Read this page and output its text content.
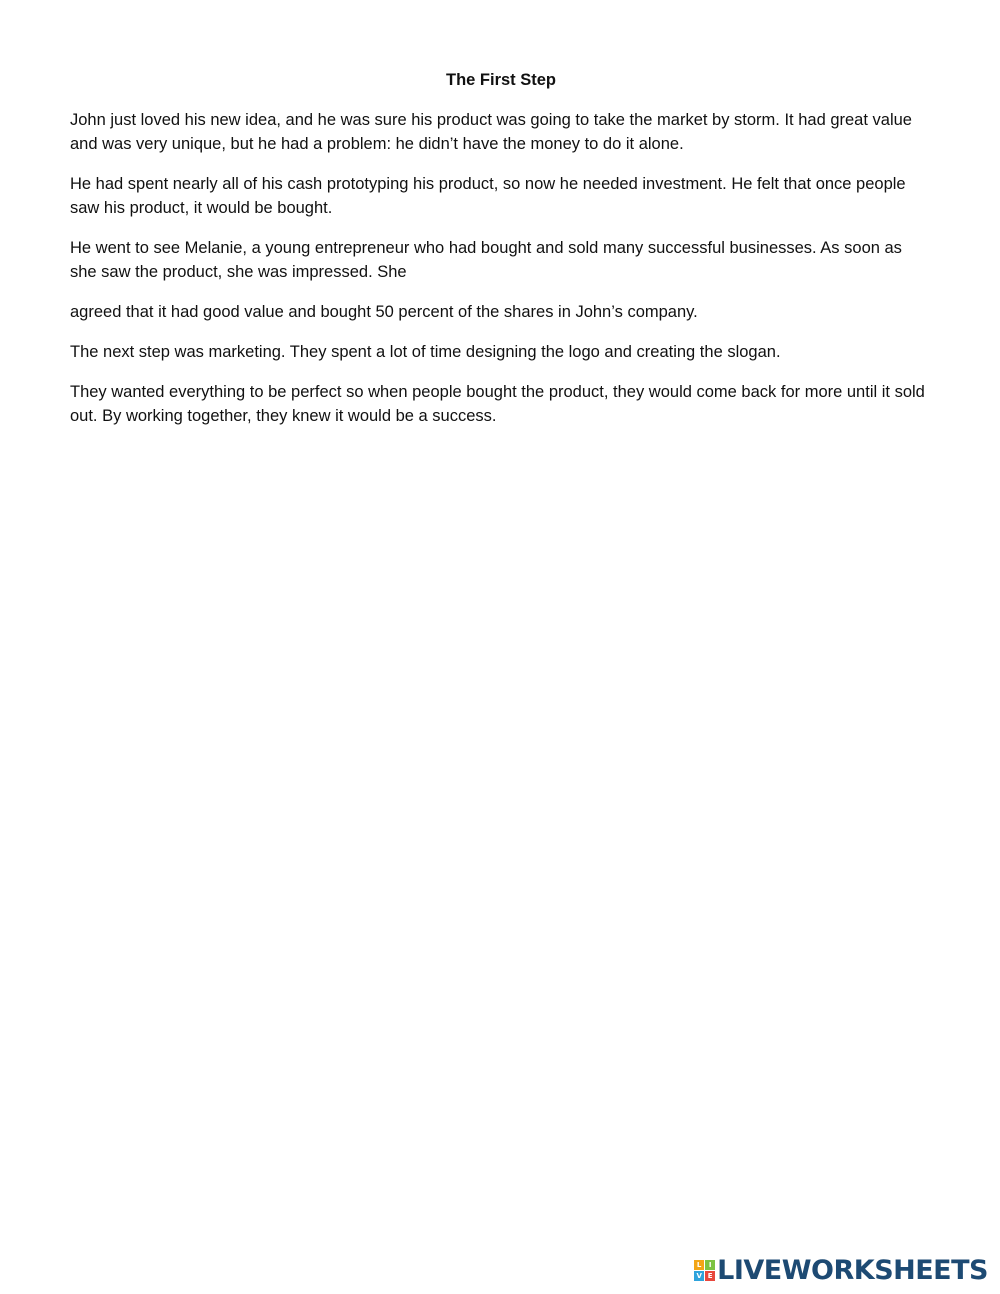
The First Step

John just loved his new idea, and he was sure his product was going to take the market by storm. It had great value and was very unique, but he had a problem: he didn’t have the money to do it alone.

He had spent nearly all of his cash prototyping his product, so now he needed investment. He felt that once people saw his product, it would be bought.

He went to see Melanie, a young entrepreneur who had bought and sold many successful businesses. As soon as she saw the product, she was impressed. She

agreed that it had good value and bought 50 percent of the shares in John’s company.

The next step was marketing. They spent a lot of time designing the logo and creating the slogan.

They wanted everything to be perfect so when people bought the product, they would come back for more until it sold out. By working together, they knew it would be a success.

L	I
V E LIVEWORKSHEETS
